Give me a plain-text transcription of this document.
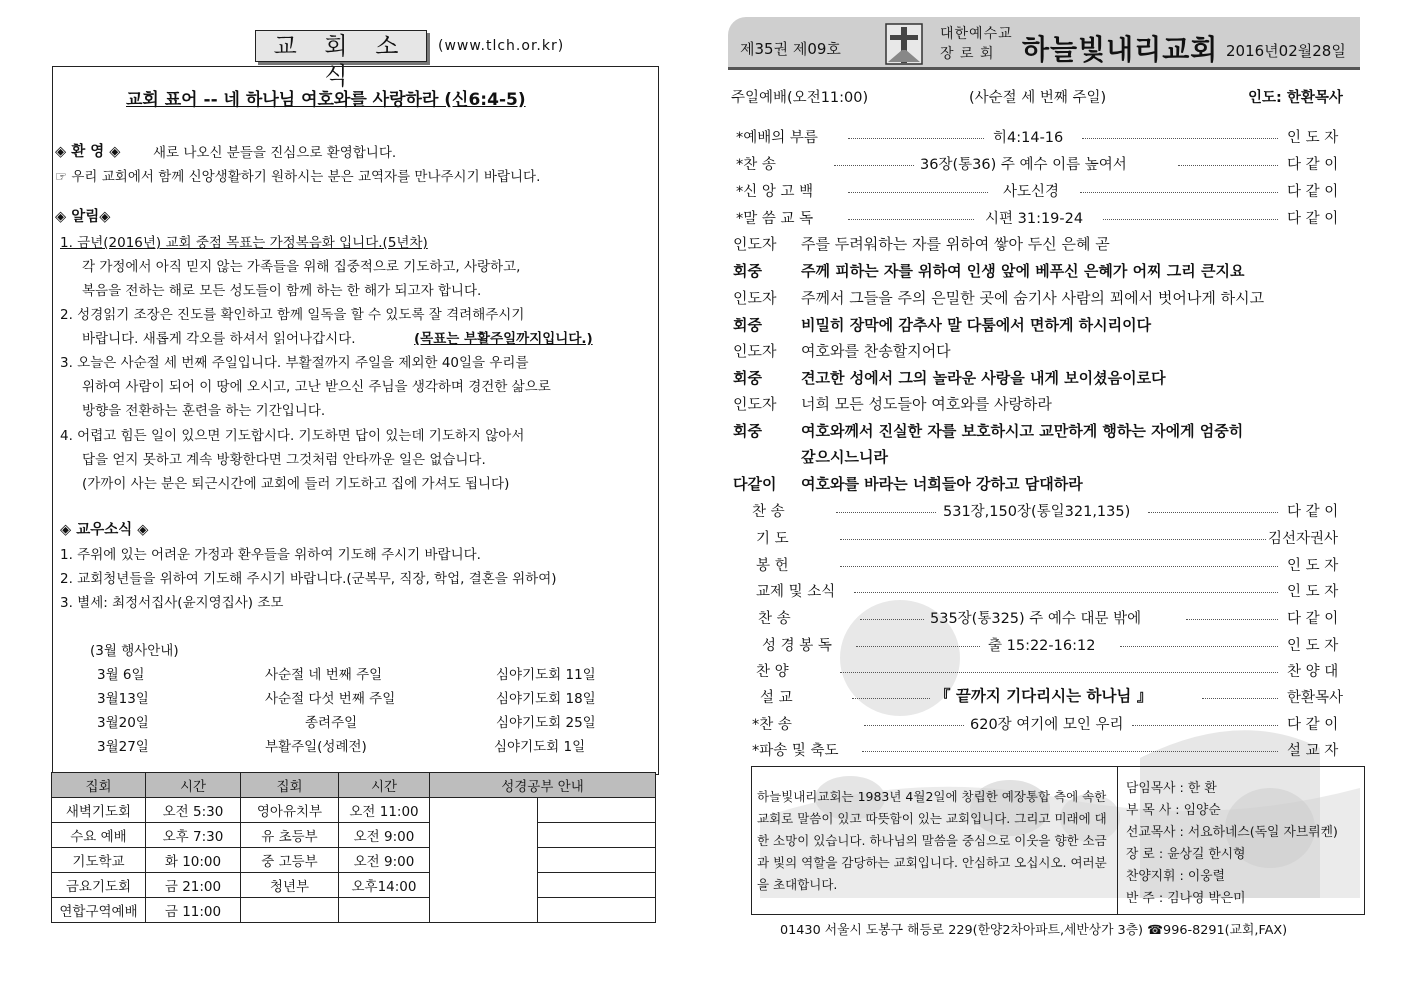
교 회 소 식
(www.tlch.or.kr)
교회 표어 -- 네 하나님 여호와를 사랑하라 (신6:4-5)
◈ 환 영 ◈ 새로 나오신 분들을 진심으로 환영합니다.
☞ 우리 교회에서 함께 신앙생활하기 원하시는 분은 교역자를 만나주시기 바랍니다.
◈ 알림◈
1. 금년(2016년) 교회 중점 목표는 가정복음화 입니다.(5년차)
각 가정에서 아직 믿지 않는 가족들을 위해 집중적으로 기도하고, 사랑하고,
복음을 전하는 해로 모든 성도들이 함께 하는 한 해가 되고자 합니다.
2. 성경읽기 조장은 진도를 확인하고 함께 일독을 할 수 있도록 잘 격려해주시기
바랍니다. 새롭게 각오를 하셔서 읽어나갑시다.	(목표는 부활주일까지입니다.)
3. 오늘은 사순절 세 번째 주일입니다. 부활절까지 주일을 제외한 40일을 우리를
위하여 사람이 되어 이 땅에 오시고, 고난 받으신 주님을 생각하며 경건한 삶으로
방향을 전환하는 훈련을 하는 기간입니다.
4. 어렵고 힘든 일이 있으면 기도합시다. 기도하면 답이 있는데 기도하지 않아서
답을 얻지 못하고 계속 방황한다면 그것처럼 안타까운 일은 없습니다.
(가까이 사는 분은 퇴근시간에 교회에 들러 기도하고 집에 가셔도 됩니다)
◈ 교우소식 ◈
1. 주위에 있는 어려운 가정과 환우들을 위하여 기도해 주시기 바랍니다.
2. 교회청년들을 위하여 기도해 주시기 바랍니다.(군복무, 직장, 학업, 결혼을 위하여)
3. 별세: 최정서집사(윤지영집사) 조모
(3월 행사안내)
3월 6일	사순절 네 번째 주일	심야기도회 11일
3월13일	사순절 다섯 번째 주일	심야기도회 18일
3월20일	종려주일	심야기도회 25일
3월27일	부활주일(성례전)	심야기도회 1일
집회	시간	집회	시간	성경공부 안내	
새벽기도회	오전 5:30	영아유치부	오전 11:00		
수요 예배	오후 7:30	유 초등부	오전 9:00		
기도학교	화 10:00	중 고등부	오전 9:00		
금요기도회	금 21:00	청년부	오후14:00		
연합구역예배	금 11:00				
제35권 제09호
대한예수교
장 로 회 하늘빛내리교회 2016년02월28일
주일예배(오전11:00)	(사순절 세 번째 주일)	인도: 한환목사
*예배의 부름	히4:14-16	인 도 자
*찬 송	36장(통36) 주 예수 이름 높여서	다 같 이
*신 앙 고 백	사도신경	다 같 이
*말 씀 교 독	시편 31:19-24	다 같 이
인도자 주를 두려워하는 자를 위하여 쌓아 두신 은혜 곧
회중	주께 피하는 자를 위하여 인생 앞에 베푸신 은혜가 어찌 그리 큰지요
인도자 주께서 그들을 주의 은밀한 곳에 숨기사 사람의 꾀에서 벗어나게 하시고
회중	비밀히 장막에 감추사 말 다툼에서 면하게 하시리이다
인도자 여호와를 찬송할지어다
회중	견고한 성에서 그의 놀라운 사랑을 내게 보이셨음이로다
인도자 너희 모든 성도들아 여호와를 사랑하라
회중	여호와께서 진실한 자를 보호하시고 교만하게 행하는 자에게 엄중히
갚으시느니라
다같이 여호와를 바라는 너희들아 강하고 담대하라
찬 송	531장,150장(통일321,135)	다 같 이
기 도	김선자권사
봉 헌	인 도 자
교제 및 소식	인 도 자
찬 송	535장(통325) 주 예수 대문 밖에	다 같 이
성 경 봉 독	출 15:22-16:12	인 도 자
찬 양	찬 양 대
설 교	『 끝까지 기다리시는 하나님 』	한환목사
*찬 송	620장 여기에 모인 우리	다 같 이
*파송 및 축도	설 교 자
하늘빛내리교회는 1983년 4월2일에 창립한 예장통합 측에 속한 교회로 말씀이 있고 따뜻함이 있는 교회입니다. 그리고 미래에 대한 소망이 있습니다. 하나님의 말씀을 중심으로 이웃을 향한 소금과 빛의 역할을 감당하는 교회입니다. 안심하고 오십시오. 여러분을 초대합니다.
담임목사 : 한 환
부 목 사 : 임양순
선교목사 : 서요하네스(독일 자브뤼켄)
장 로 : 윤상길 한시형
찬양지휘 : 이웅렬
반 주 : 김나영 박은미
01430 서울시 도봉구 해등로 229(한양2차아파트,세반상가 3층) ☎996-8291(교회,FAX)
